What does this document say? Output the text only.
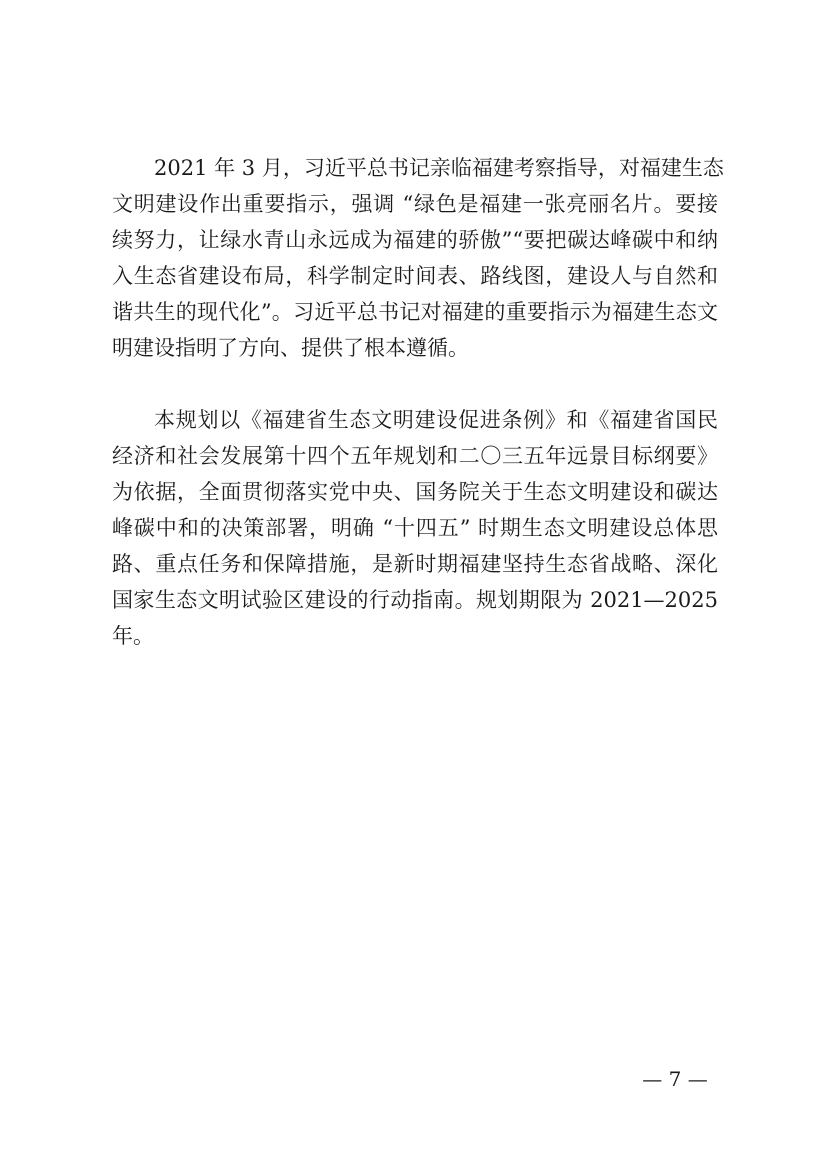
2021 年 3 月，习近平总书记亲临福建考察指导，对福建生态
文明建设作出重要指示，强调 “绿色是福建一张亮丽名片。要接
续努力，让绿水青山永远成为福建的骄傲”“要把碳达峰碳中和纳
入生态省建设布局，科学制定时间表、路线图，建设人与自然和
谐共生的现代化”。习近平总书记对福建的重要指示为福建生态文
明建设指明了方向、提供了根本遵循。
本规划以《福建省生态文明建设促进条例》和《福建省国民
经济和社会发展第十四个五年规划和二〇三五年远景目标纲要》
为依据，全面贯彻落实党中央、国务院关于生态文明建设和碳达
峰碳中和的决策部署，明确 “十四五” 时期生态文明建设总体思
路、重点任务和保障措施，是新时期福建坚持生态省战略、深化
国家生态文明试验区建设的行动指南。规划期限为 2021—2025
年。
— 7 —
